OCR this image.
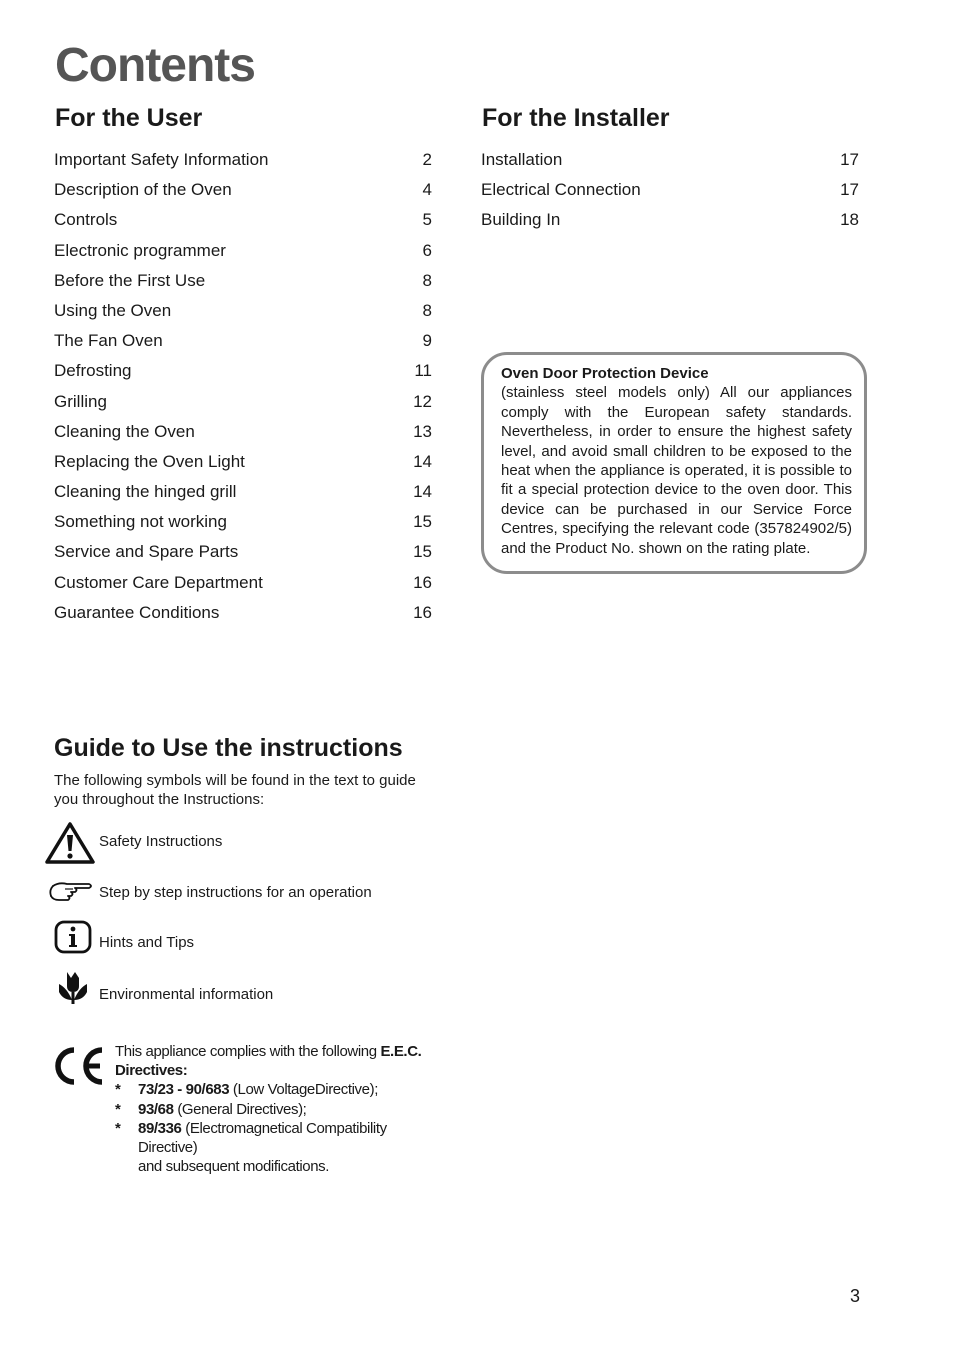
Contents
For the User	For the Installer
Important Safety Information	2
Description of the Oven	4
Controls	5
Electronic programmer	6
Before the First Use	8
Using the Oven	8
The Fan Oven	9
Defrosting	11
Grilling	12
Cleaning the Oven	13
Replacing the Oven Light	14
Cleaning the hinged grill	14
Something not working	15
Service and Spare Parts	15
Customer Care Department	16
Guarantee Conditions	16
Installation	17
Electrical Connection	17
Building In	18
Oven Door Protection Device
(stainless steel models only) All our appliances comply with the European safety standards. Nevertheless, in order to ensure the highest safety level, and avoid small children to be exposed to the heat when the appliance is operated, it is possible to fit a special protection device to the oven door. This device can be purchased in our Service Force Centres, specifying the relevant code (357824902/5) and the Product No. shown on the rating plate.
Guide to Use the instructions
The following symbols will be found in the text to guide you throughout the Instructions:
Safety Instructions
Step by step instructions for an operation
Hints and Tips
Environmental information
This appliance complies with the following E.E.C. Directives:
* 73/23 - 90/683 (Low VoltageDirective);
* 93/68 (General Directives);
* 89/336 (Electromagnetical Compatibility Directive)
and subsequent modifications.
3
